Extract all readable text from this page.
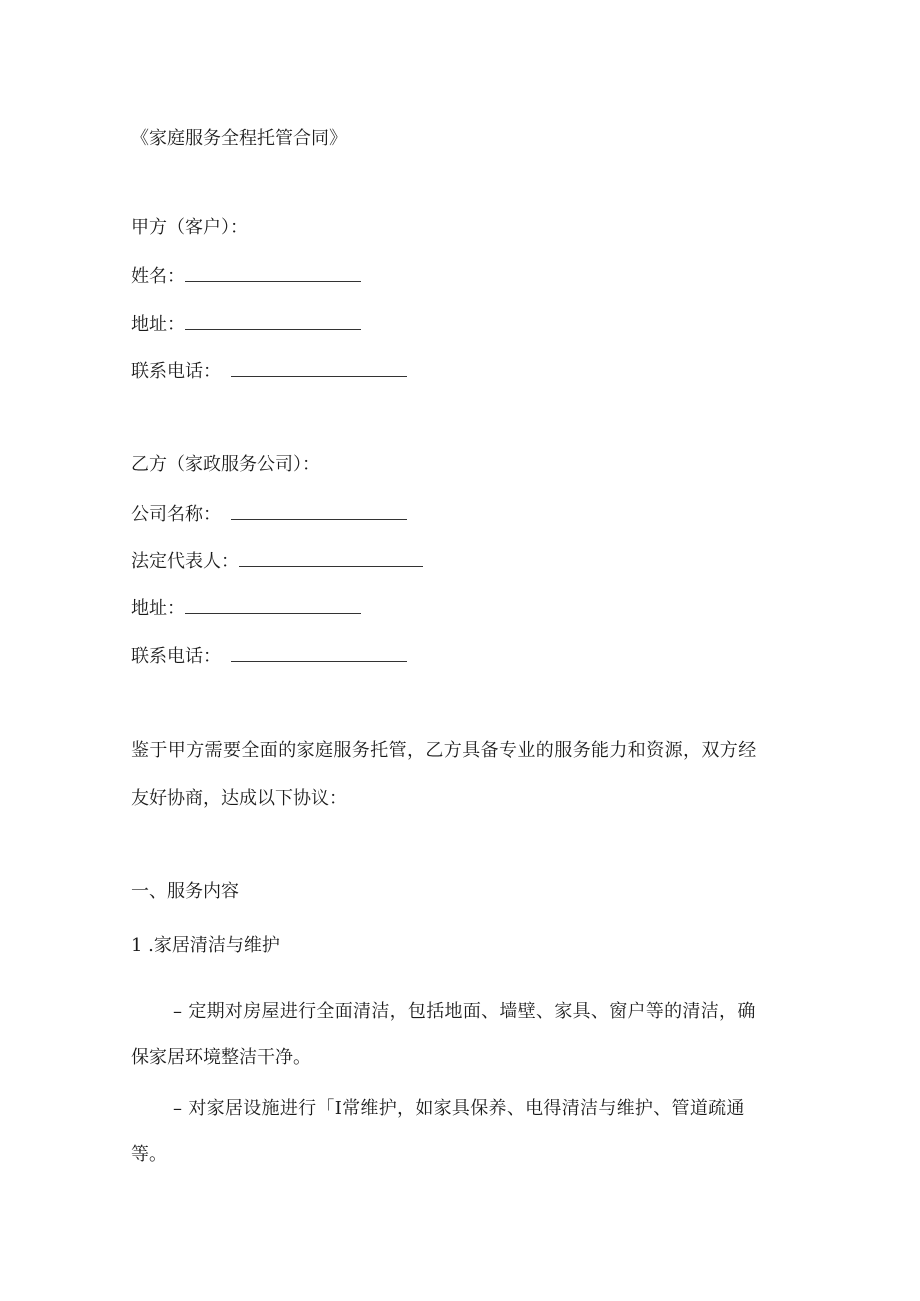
《家庭服务全程托管合同》
甲方（客户）：
姓名：
地址：
联系电话：
乙方（家政服务公司）：
公司名称：
法定代表人：
地址：
联系电话：
鉴于甲方需要全面的家庭服务托管，乙方具备专业的服务能力和资源，双方经
友好协商，达成以下协议：
一、服务内容
1 .家居清洁与维护
– 定期对房屋进行全面清洁，包括地面、墙壁、家具、窗户等的清洁，确
保家居环境整洁干净。
– 对家居设施进行「I常维护，如家具保养、电得清洁与维护、管道疏通
等。
